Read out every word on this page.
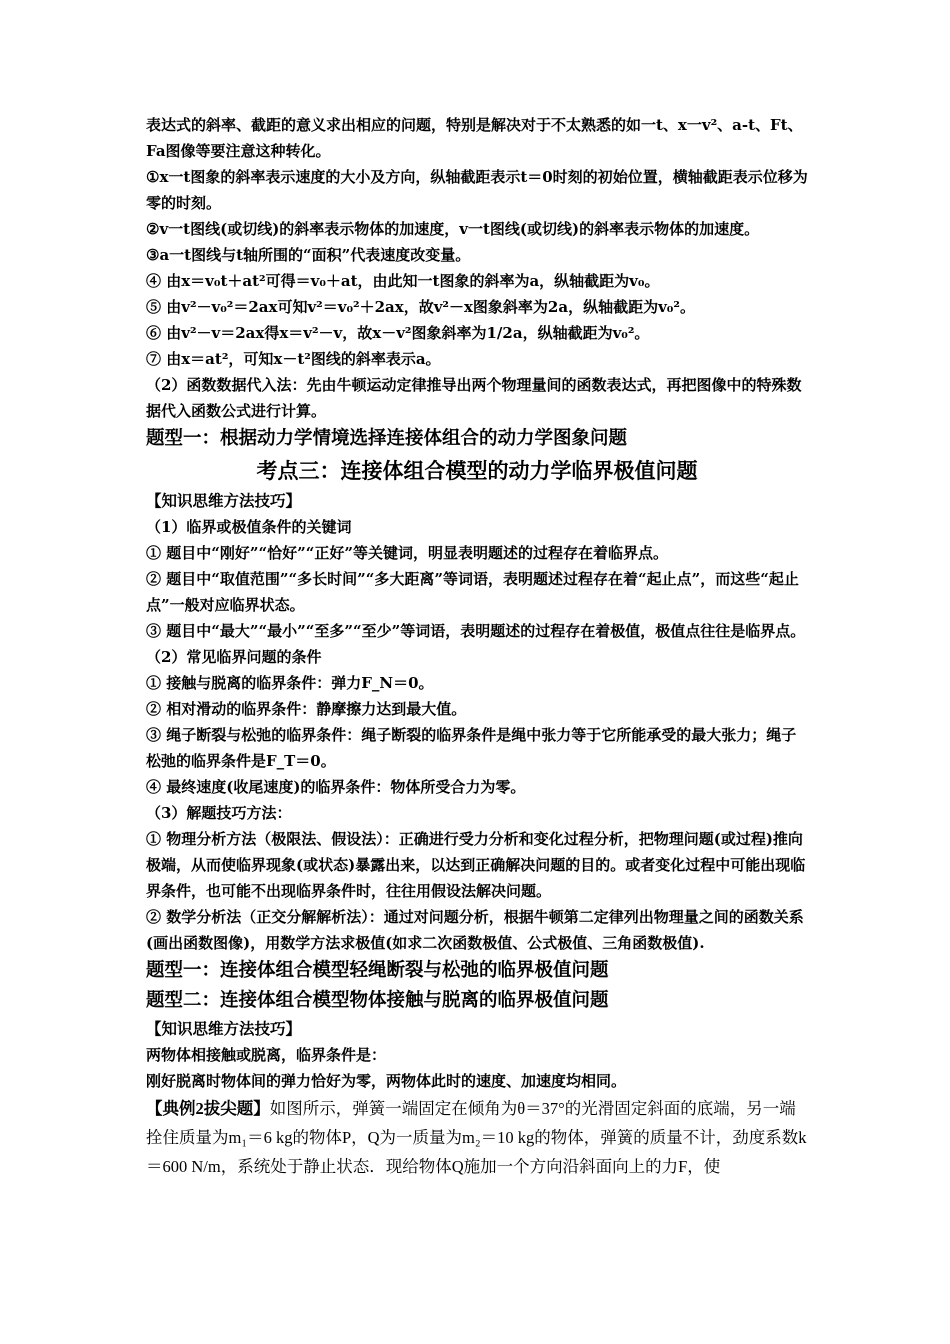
表达式的斜率、截距的意义求出相应的问题，特别是解决对于不太熟悉的如一t、x一v²、a-t、Ft、Fa图像等要注意这种转化。

①x一t图象的斜率表示速度的大小及方向，纵轴截距表示t＝0时刻的初始位置，横轴截距表示位移为零的时刻。

②v一t图线(或切线)的斜率表示物体的加速度，v一t图线(或切线)的斜率表示物体的加速度。

③a一t图线与t轴所围的“面积”代表速度改变量。

④ 由x＝v₀t＋at²可得＝v₀＋at，由此知一t图象的斜率为a，纵轴截距为v₀。

⑤ 由v²－v₀²＝2ax可知v²＝v₀²＋2ax，故v²－x图象斜率为2a，纵轴截距为v₀²。

⑥ 由v²－v＝2ax得x＝v²－v，故x－v²图象斜率为1/2a，纵轴截距为v₀²。

⑦ 由x＝at²，可知x－t²图线的斜率表示a。

（2）函数数据代入法：先由牛顿运动定律推导出两个物理量间的函数表达式，再把图像中的特殊数据代入函数公式进行计算。

题型一：根据动力学情境选择连接体组合的动力学图象问题

考点三：连接体组合模型的动力学临界极值问题

【知识思维方法技巧】

（1）临界或极值条件的关键词

① 题目中“刚好”“恰好”“正好”等关键词，明显表明题述的过程存在着临界点。

② 题目中“取值范围”“多长时间”“多大距离”等词语，表明题述过程存在着“起止点”，而这些“起止点”一般对应临界状态。

③ 题目中“最大”“最小”“至多”“至少”等词语，表明题述的过程存在着极值，极值点往往是临界点。

（2）常见临界问题的条件

① 接触与脱离的临界条件：弹力F_N＝0。

② 相对滑动的临界条件：静摩擦力达到最大值。

③ 绳子断裂与松弛的临界条件：绳子断裂的临界条件是绳中张力等于它所能承受的最大张力；绳子松弛的临界条件是F_T＝0。

④ 最终速度(收尾速度)的临界条件：物体所受合力为零。

（3）解题技巧方法：

① 物理分析方法（极限法、假设法）：正确进行受力分析和变化过程分析，把物理问题(或过程)推向极端，从而使临界现象(或状态)暴露出来，以达到正确解决问题的目的。或者变化过程中可能出现临界条件，也可能不出现临界条件时，往往用假设法解决问题。

② 数学分析法（正交分解解析法）：通过对问题分析，根据牛顿第二定律列出物理量之间的函数关系(画出函数图像)，用数学方法求极值(如求二次函数极值、公式极值、三角函数极值).

题型一：连接体组合模型轻绳断裂与松弛的临界极值问题

题型二：连接体组合模型物体接触与脱离的临界极值问题

【知识思维方法技巧】

两物体相接触或脱离，临界条件是：

刚好脱离时物体间的弹力恰好为零，两物体此时的速度、加速度均相同。

【典例2拔尖题】如图所示，弹簧一端固定在倾角为θ＝37°的光滑固定斜面的底端，另一端拴住质量为m₁＝6 kg的物体P，Q为一质量为m₂＝10 kg的物体，弹簧的质量不计，劲度系数k＝600 N/m，系统处于静止状态．现给物体Q施加一个方向沿斜面向上的力F，使
